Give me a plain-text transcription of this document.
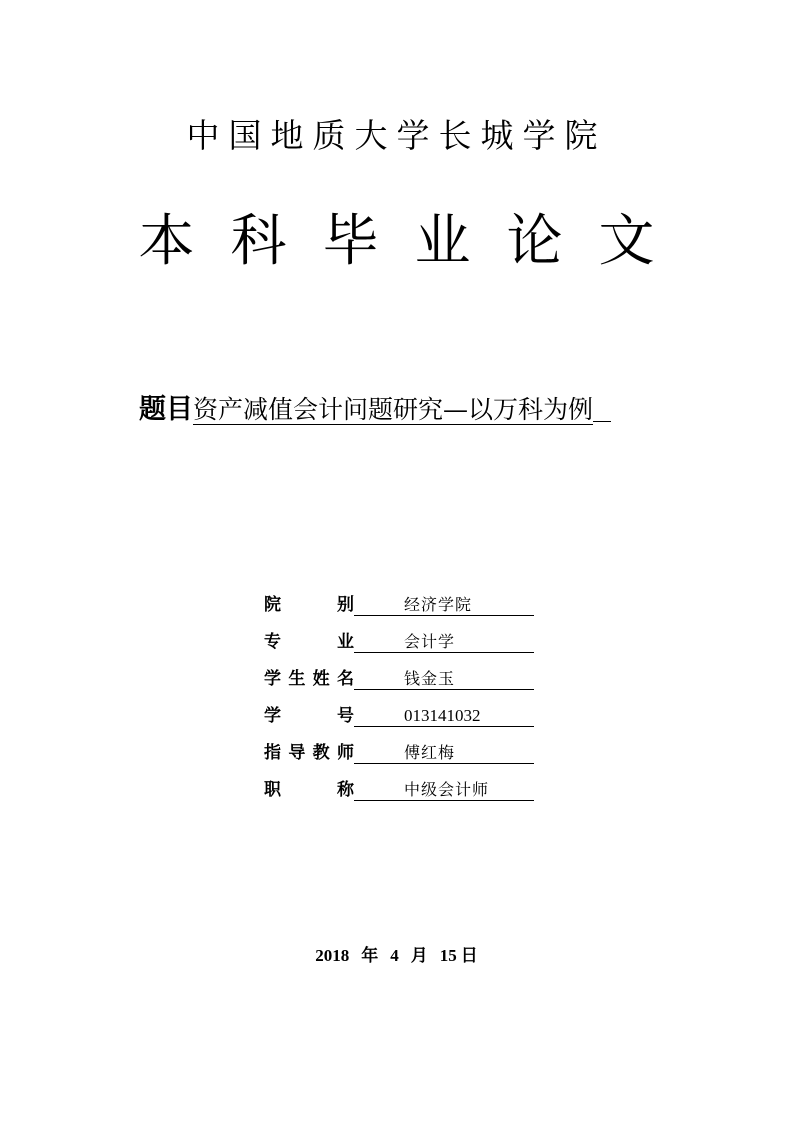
中国地质大学长城学院
本科毕业论文
题目资产减值会计问题研究—以万科为例
院	别	经济学院
专	业	会计学
学 生 姓 名	钱金玉
学	号	013141032
指 导 教 师	傅红梅
职	称	中级会计师
2018 年 4 月 15 日
